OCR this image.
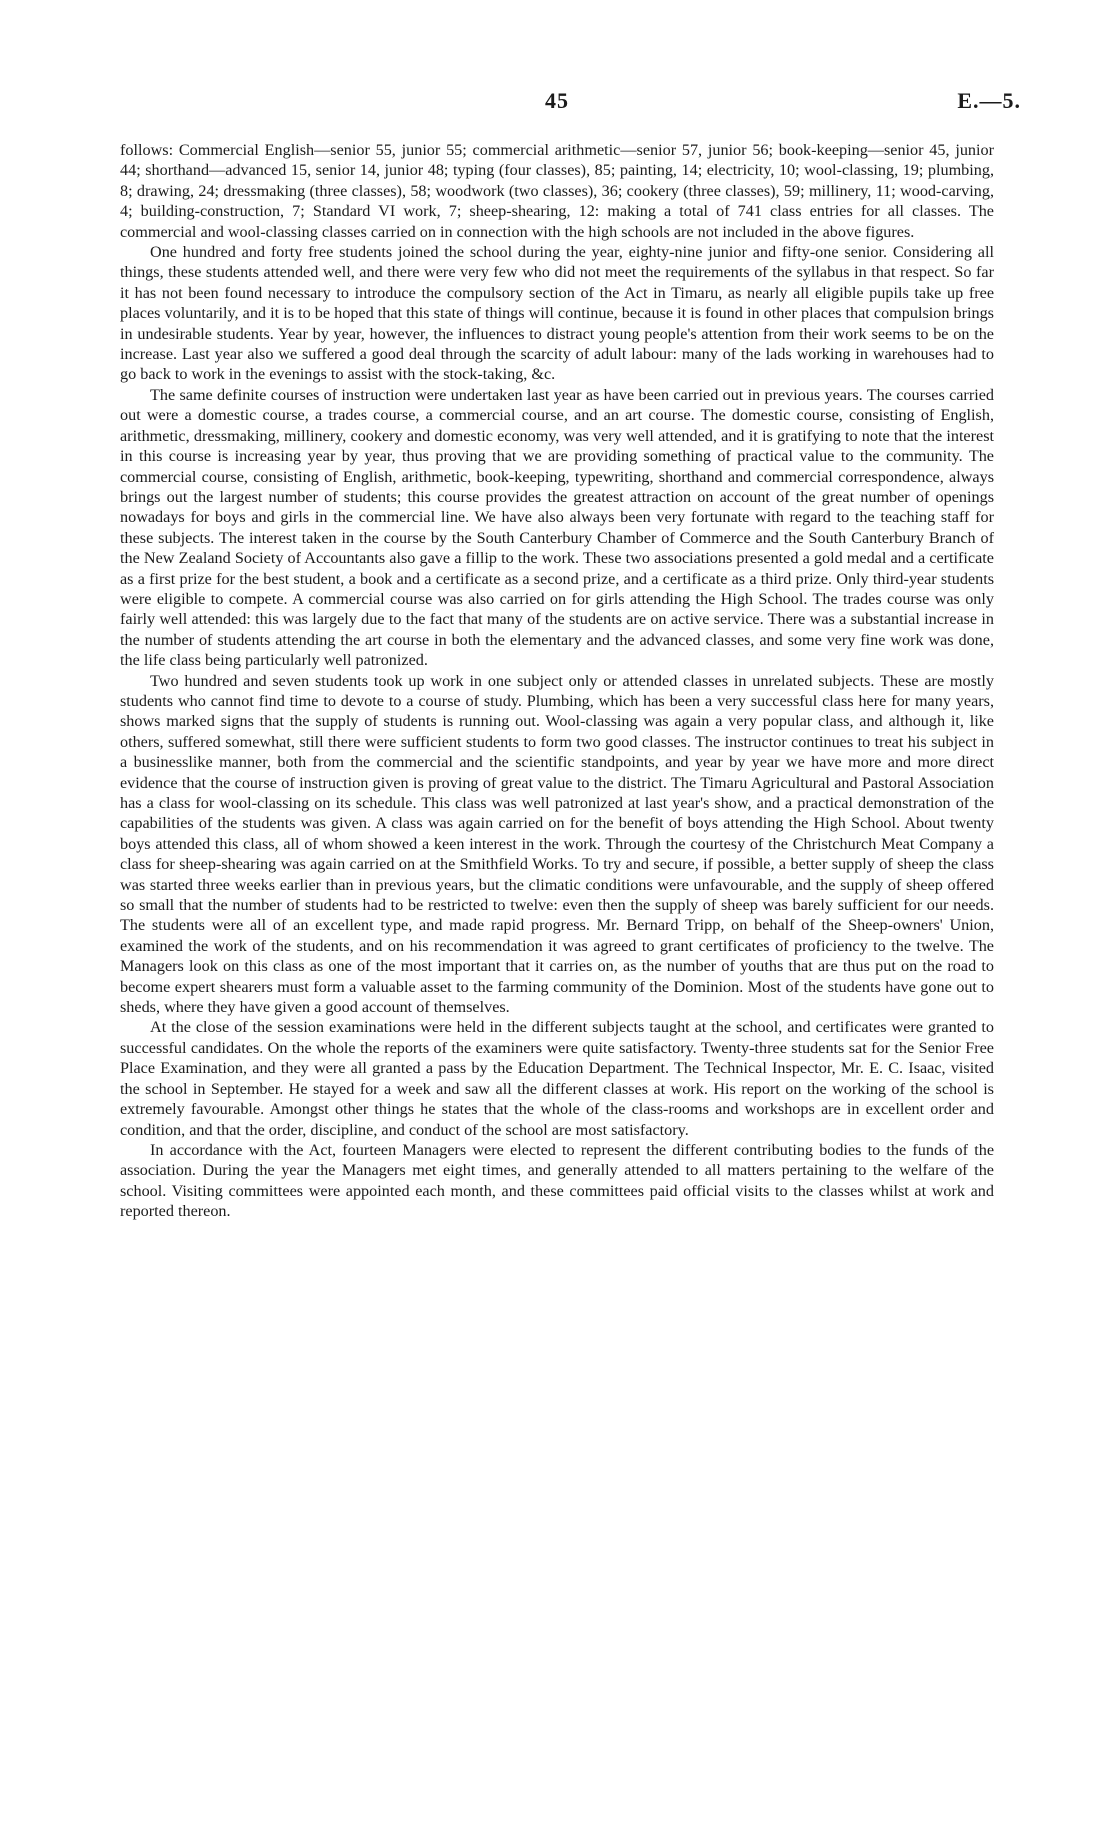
45	E.—5.

follows: Commercial English—senior 55, junior 55; commercial arithmetic—senior 57, junior 56; book-keeping—senior 45, junior 44; shorthand—advanced 15, senior 14, junior 48; typing (four classes), 85; painting, 14; electricity, 10; wool-classing, 19; plumbing, 8; drawing, 24; dressmaking (three classes), 58; woodwork (two classes), 36; cookery (three classes), 59; millinery, 11; wood-carving, 4; building-construction, 7; Standard VI work, 7; sheep-shearing, 12: making a total of 741 class entries for all classes. The commercial and wool-classing classes carried on in connection with the high schools are not included in the above figures.

One hundred and forty free students joined the school during the year, eighty-nine junior and fifty-one senior. Considering all things, these students attended well, and there were very few who did not meet the requirements of the syllabus in that respect. So far it has not been found necessary to introduce the compulsory section of the Act in Timaru, as nearly all eligible pupils take up free places voluntarily, and it is to be hoped that this state of things will continue, because it is found in other places that compulsion brings in undesirable students. Year by year, however, the influences to distract young people's attention from their work seems to be on the increase. Last year also we suffered a good deal through the scarcity of adult labour: many of the lads working in warehouses had to go back to work in the evenings to assist with the stock-taking, &c.

The same definite courses of instruction were undertaken last year as have been carried out in previous years. The courses carried out were a domestic course, a trades course, a commercial course, and an art course. The domestic course, consisting of English, arithmetic, dressmaking, millinery, cookery and domestic economy, was very well attended, and it is gratifying to note that the interest in this course is increasing year by year, thus proving that we are providing something of practical value to the community. The commercial course, consisting of English, arithmetic, book-keeping, typewriting, shorthand and commercial correspondence, always brings out the largest number of students; this course provides the greatest attraction on account of the great number of openings nowadays for boys and girls in the commercial line. We have also always been very fortunate with regard to the teaching staff for these subjects. The interest taken in the course by the South Canterbury Chamber of Commerce and the South Canterbury Branch of the New Zealand Society of Accountants also gave a fillip to the work. These two associations presented a gold medal and a certificate as a first prize for the best student, a book and a certificate as a second prize, and a certificate as a third prize. Only third-year students were eligible to compete. A commercial course was also carried on for girls attending the High School. The trades course was only fairly well attended: this was largely due to the fact that many of the students are on active service. There was a substantial increase in the number of students attending the art course in both the elementary and the advanced classes, and some very fine work was done, the life class being particularly well patronized.

Two hundred and seven students took up work in one subject only or attended classes in unrelated subjects. These are mostly students who cannot find time to devote to a course of study. Plumbing, which has been a very successful class here for many years, shows marked signs that the supply of students is running out. Wool-classing was again a very popular class, and although it, like others, suffered somewhat, still there were sufficient students to form two good classes. The instructor continues to treat his subject in a businesslike manner, both from the commercial and the scientific standpoints, and year by year we have more and more direct evidence that the course of instruction given is proving of great value to the district. The Timaru Agricultural and Pastoral Association has a class for wool-classing on its schedule. This class was well patronized at last year's show, and a practical demonstration of the capabilities of the students was given. A class was again carried on for the benefit of boys attending the High School. About twenty boys attended this class, all of whom showed a keen interest in the work. Through the courtesy of the Christchurch Meat Company a class for sheep-shearing was again carried on at the Smithfield Works. To try and secure, if possible, a better supply of sheep the class was started three weeks earlier than in previous years, but the climatic conditions were unfavourable, and the supply of sheep offered so small that the number of students had to be restricted to twelve: even then the supply of sheep was barely sufficient for our needs. The students were all of an excellent type, and made rapid progress. Mr. Bernard Tripp, on behalf of the Sheep-owners' Union, examined the work of the students, and on his recommendation it was agreed to grant certificates of proficiency to the twelve. The Managers look on this class as one of the most important that it carries on, as the number of youths that are thus put on the road to become expert shearers must form a valuable asset to the farming community of the Dominion. Most of the students have gone out to sheds, where they have given a good account of themselves.

At the close of the session examinations were held in the different subjects taught at the school, and certificates were granted to successful candidates. On the whole the reports of the examiners were quite satisfactory. Twenty-three students sat for the Senior Free Place Examination, and they were all granted a pass by the Education Department. The Technical Inspector, Mr. E. C. Isaac, visited the school in September. He stayed for a week and saw all the different classes at work. His report on the working of the school is extremely favourable. Amongst other things he states that the whole of the class-rooms and workshops are in excellent order and condition, and that the order, discipline, and conduct of the school are most satisfactory.

In accordance with the Act, fourteen Managers were elected to represent the different contributing bodies to the funds of the association. During the year the Managers met eight times, and generally attended to all matters pertaining to the welfare of the school. Visiting committees were appointed each month, and these committees paid official visits to the classes whilst at work and reported thereon.
